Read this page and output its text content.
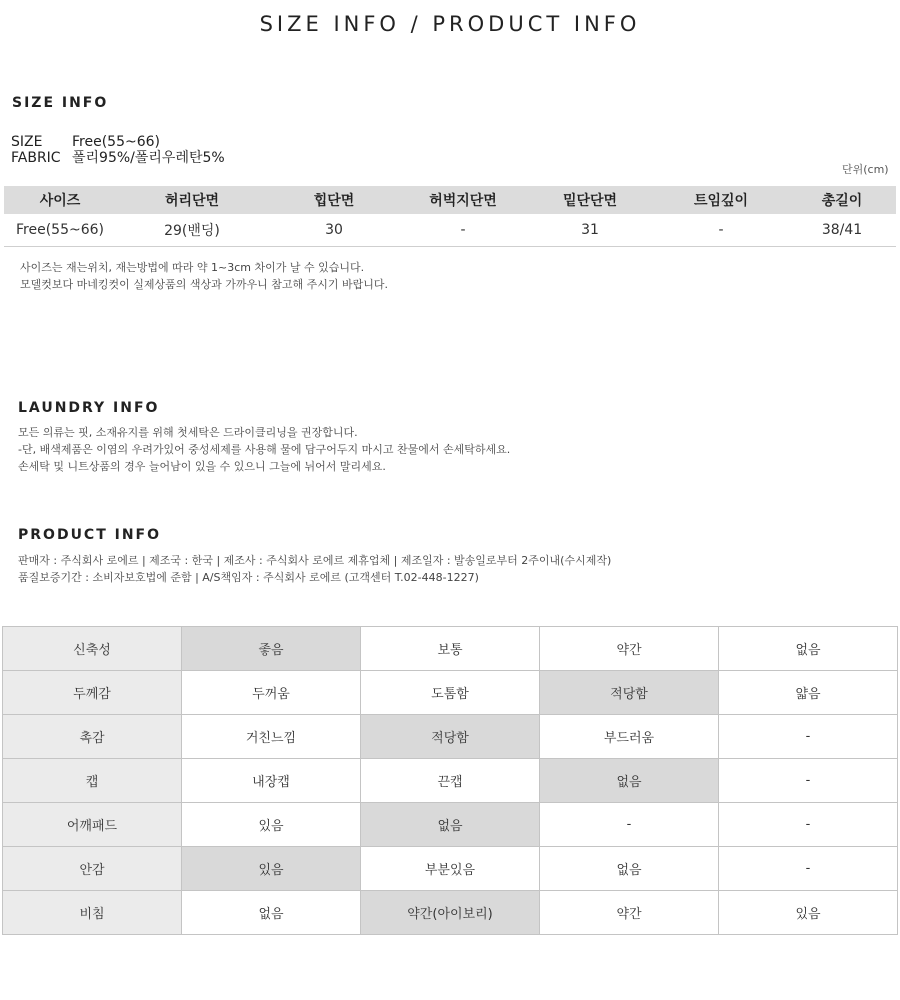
SIZE INFO / PRODUCT INFO
SIZE INFO
SIZE	Free(55~66)
FABRIC 폴리95%/폴리우레탄5%
단위(cm)
사이즈	허리단면	힙단면	허벅지단면	밑단단면	트임깊이	총길이
Free(55~66)	29(밴딩)	30	-	31	-	38/41
사이즈는 재는위치, 재는방법에 따라 약 1~3cm 차이가 날 수 있습니다.
모델컷보다 마네킹컷이 실제상품의 색상과 가까우니 참고해 주시기 바랍니다.
LAUNDRY INFO
모든 의류는 핏, 소재유지를 위해 첫세탁은 드라이클리닝을 권장합니다.
-단, 배색제품은 이염의 우려가있어 중성세제를 사용해 물에 담구어두지 마시고 찬물에서 손세탁하세요.
손세탁 및 니트상품의 경우 늘어남이 있을 수 있으니 그늘에 뉘어서 말리세요.
PRODUCT INFO
판매자 : 주식회사 로에르 | 제조국 : 한국 | 제조사 : 주식회사 로에르 제휴업체 | 제조일자 : 발송일로부터 2주이내(수시제작)
품질보증기간 : 소비자보호법에 준함 | A/S책임자 : 주식회사 로에르 (고객센터 T.02-448-1227)
신축성	좋음	보통	약간	없음
두께감	두꺼움	도톰함	적당함	얇음
촉감	거친느낌	적당함	부드러움	-
캡	내장캡	끈캡	없음	-
어깨패드	있음	없음	-	-
안감	있음	부분있음	없음	-
비침	없음	약간(아이보리)	약간	있음
